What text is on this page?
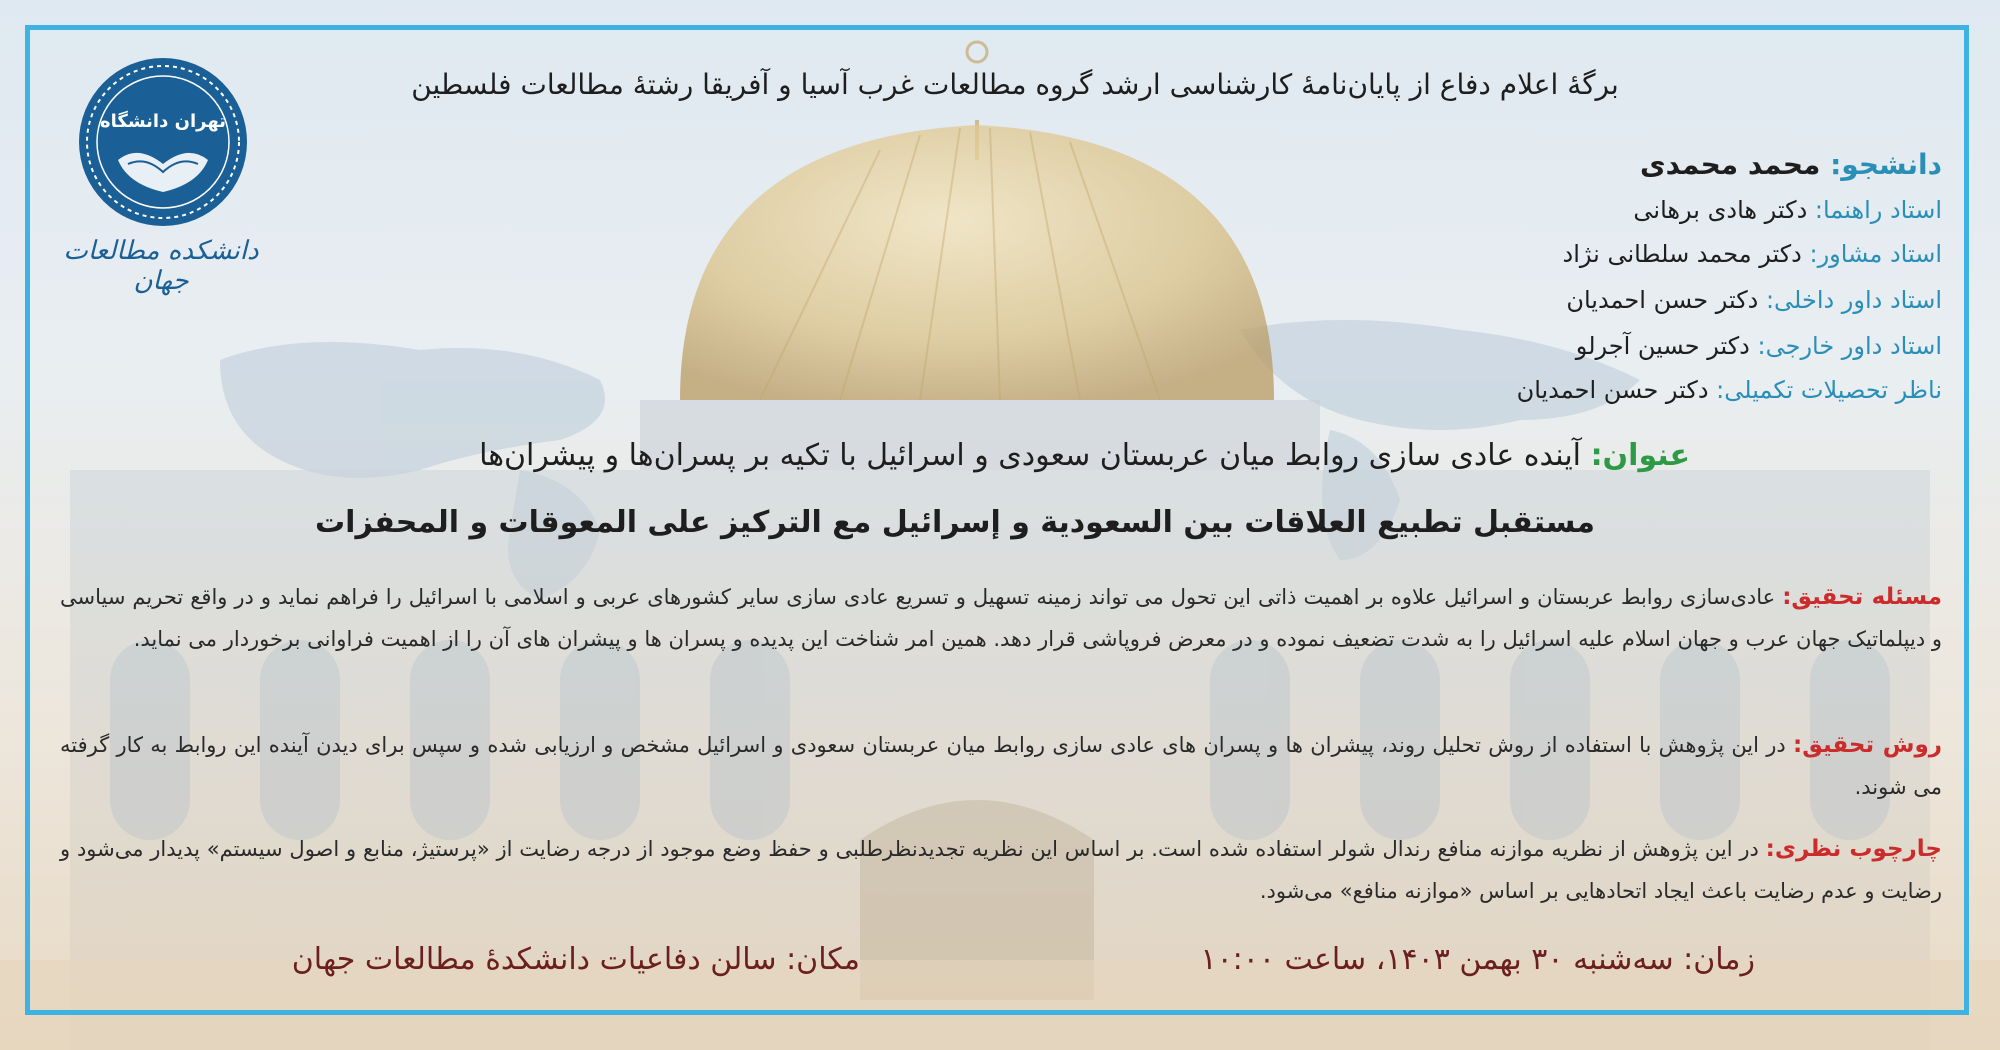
برگهٔ اعلام دفاع از پایان‌نامهٔ کارشناسی ارشد گروه مطالعات غرب آسیا و آفریقا رشتهٔ مطالعات فلسطین
تهران دانشگاه
دانشکده مطالعات جهان
دانشجو: محمد محمدی
استاد راهنما: دکتر هادی برهانی
استاد مشاور: دکتر محمد سلطانی نژاد
استاد داور داخلی: دکتر حسن احمدیان
استاد داور خارجی: دکتر حسین آجرلو
ناظر تحصیلات تکمیلی: دکتر حسن احمدیان
عنوان: آینده عادی سازی روابط میان عربستان سعودی و اسرائیل با تکیه بر پسران‌ها و پیشران‌ها
مستقبل تطبيع العلاقات بين السعودية و إسرائيل مع التركيز على المعوقات و المحفزات
مسئله تحقیق: عادی‌سازی روابط عربستان و اسرائیل علاوه بر اهمیت ذاتی این تحول می تواند زمینه تسهیل و تسریع عادی سازی سایر کشورهای عربی و اسلامی با اسرائیل را فراهم نماید و در واقع تحریم سیاسی و دیپلماتیک جهان عرب و جهان اسلام علیه اسرائیل را به شدت تضعیف نموده و در معرض فروپاشی قرار دهد. همین امر شناخت این پدیده و پسران ها و پیشران های آن را از اهمیت فراوانی برخوردار می نماید.
روش تحقیق: در این پژوهش با استفاده از روش تحلیل روند، پیشران ها و پسران های عادی سازی روابط میان عربستان سعودی و اسرائیل مشخص و ارزیابی شده و سپس برای دیدن آینده این روابط به کار گرفته می شوند.
چارچوب نظری: در این پژوهش از نظریه موازنه منافع رندال شولر استفاده شده است. بر اساس این نظریه تجدیدنظرطلبی و حفظ وضع موجود از درجه رضایت از «پرستیژ، منابع و اصول سیستم» پدیدار می‌شود و رضایت و عدم رضایت باعث ایجاد اتحادهایی بر اساس «موازنه منافع» می‌شود.
زمان: سه‌شنبه ۳۰ بهمن ۱۴۰۳، ساعت ۱۰:۰۰
مکان: سالن دفاعیات دانشکدهٔ مطالعات جهان
